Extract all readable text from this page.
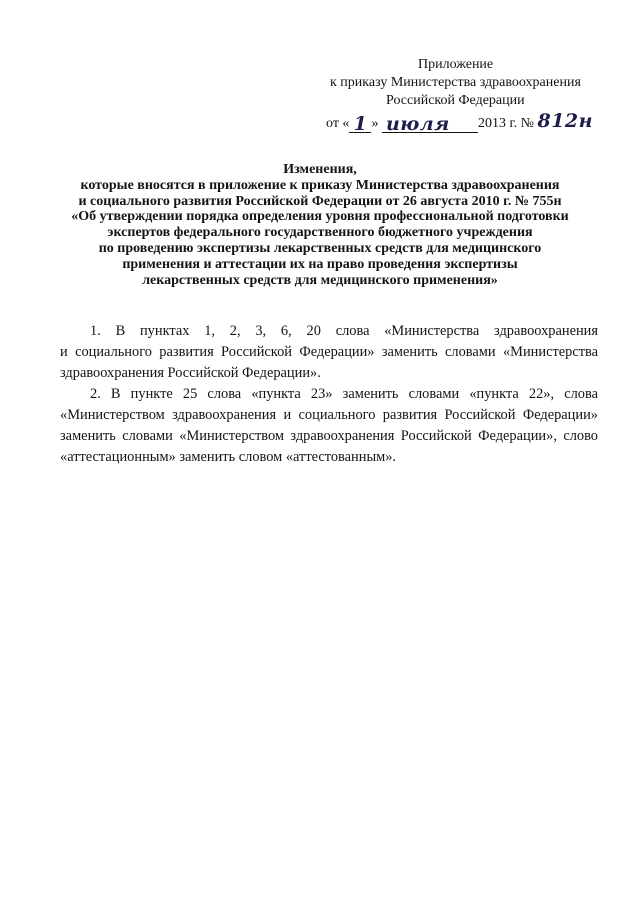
Приложение
к приказу Министерства здравоохранения
Российской Федерации
от « 1 » июля	2013 г. № 812н
Изменения,
которые вносятся в приложение к приказу Министерства здравоохранения
и социального развития Российской Федерации от 26 августа 2010 г. № 755н
«Об утверждении порядка определения уровня профессиональной подготовки
экспертов федерального государственного бюджетного учреждения
по проведению экспертизы лекарственных средств для медицинского
применения и аттестации их на право проведения экспертизы
лекарственных средств для медицинского применения»

1. В пунктах 1, 2, 3, 6, 20 слова «Министерства здравоохранения
и социального развития Российской Федерации» заменить словами «Министерства
здравоохранения Российской Федерации».

2. В пункте 25 слова «пункта 23» заменить словами «пункта 22», слова
«Министерством здравоохранения и социального развития Российской Федерации»
заменить словами «Министерством здравоохранения Российской Федерации», слово
«аттестационным» заменить словом «аттестованным».
